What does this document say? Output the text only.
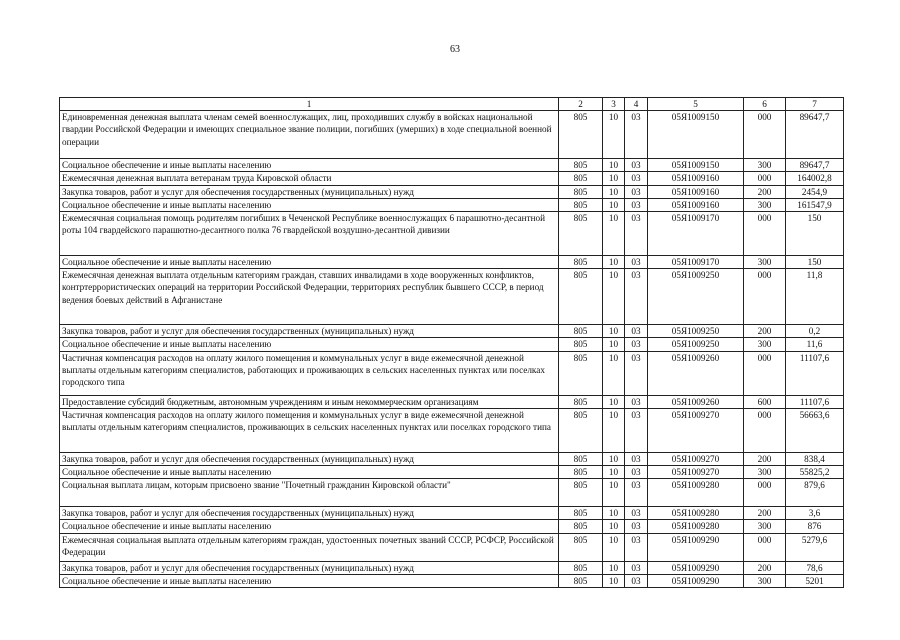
63
1	2	3	4	5	6	7
Единовременная денежная выплата членам семей военнослужащих, лиц, проходивших службу в войсках национальной гвардии Российской Федерации и имеющих специальное звание полиции, погибших (умерших) в ходе специальной военной операции	805	10	03	05Я1009150	000	89647,7
Социальное обеспечение и иные выплаты населению	805	10	03	05Я1009150	300	89647,7
Ежемесячная денежная выплата ветеранам труда Кировской области	805	10	03	05Я1009160	000	164002,8
Закупка товаров, работ и услуг для обеспечения государственных (муниципальных) нужд	805	10	03	05Я1009160	200	2454,9
Социальное обеспечение и иные выплаты населению	805	10	03	05Я1009160	300	161547,9
Ежемесячная социальная помощь родителям погибших в Чеченской Республике военнослужащих 6 парашютно-десантной роты 104 гвардейского парашютно-десантного полка 76 гвардейской воздушно-десантной дивизии	805	10	03	05Я1009170	000	150
Социальное обеспечение и иные выплаты населению	805	10	03	05Я1009170	300	150
Ежемесячная денежная выплата отдельным категориям граждан, ставших инвалидами в ходе вооруженных конфликтов, контртеррористических операций на территории Российской Федерации, территориях республик бывшего СССР, в период ведения боевых действий в Афганистане	805	10	03	05Я1009250	000	11,8
Закупка товаров, работ и услуг для обеспечения государственных (муниципальных) нужд	805	10	03	05Я1009250	200	0,2
Социальное обеспечение и иные выплаты населению	805	10	03	05Я1009250	300	11,6
Частичная компенсация расходов на оплату жилого помещения и коммунальных услуг в виде ежемесячной денежной выплаты отдельным категориям специалистов, работающих и проживающих в сельских населенных пунктах или поселках городского типа	805	10	03	05Я1009260	000	11107,6
Предоставление субсидий бюджетным, автономным учреждениям и иным некоммерческим организациям	805	10	03	05Я1009260	600	11107,6
Частичная компенсация расходов на оплату жилого помещения и коммунальных услуг в виде ежемесячной денежной выплаты отдельным категориям специалистов, проживающих в сельских населенных пунктах или поселках городского типа	805	10	03	05Я1009270	000	56663,6
Закупка товаров, работ и услуг для обеспечения государственных (муниципальных) нужд	805	10	03	05Я1009270	200	838,4
Социальное обеспечение и иные выплаты населению	805	10	03	05Я1009270	300	55825,2
Социальная выплата лицам, которым присвоено звание "Почетный гражданин Кировской области"	805	10	03	05Я1009280	000	879,6
Закупка товаров, работ и услуг для обеспечения государственных (муниципальных) нужд	805	10	03	05Я1009280	200	3,6
Социальное обеспечение и иные выплаты населению	805	10	03	05Я1009280	300	876
Ежемесячная социальная выплата отдельным категориям граждан, удостоенных почетных званий СССР, РСФСР, Российской Федерации	805	10	03	05Я1009290	000	5279,6
Закупка товаров, работ и услуг для обеспечения государственных (муниципальных) нужд	805	10	03	05Я1009290	200	78,6
Социальное обеспечение и иные выплаты населению	805	10	03	05Я1009290	300	5201
